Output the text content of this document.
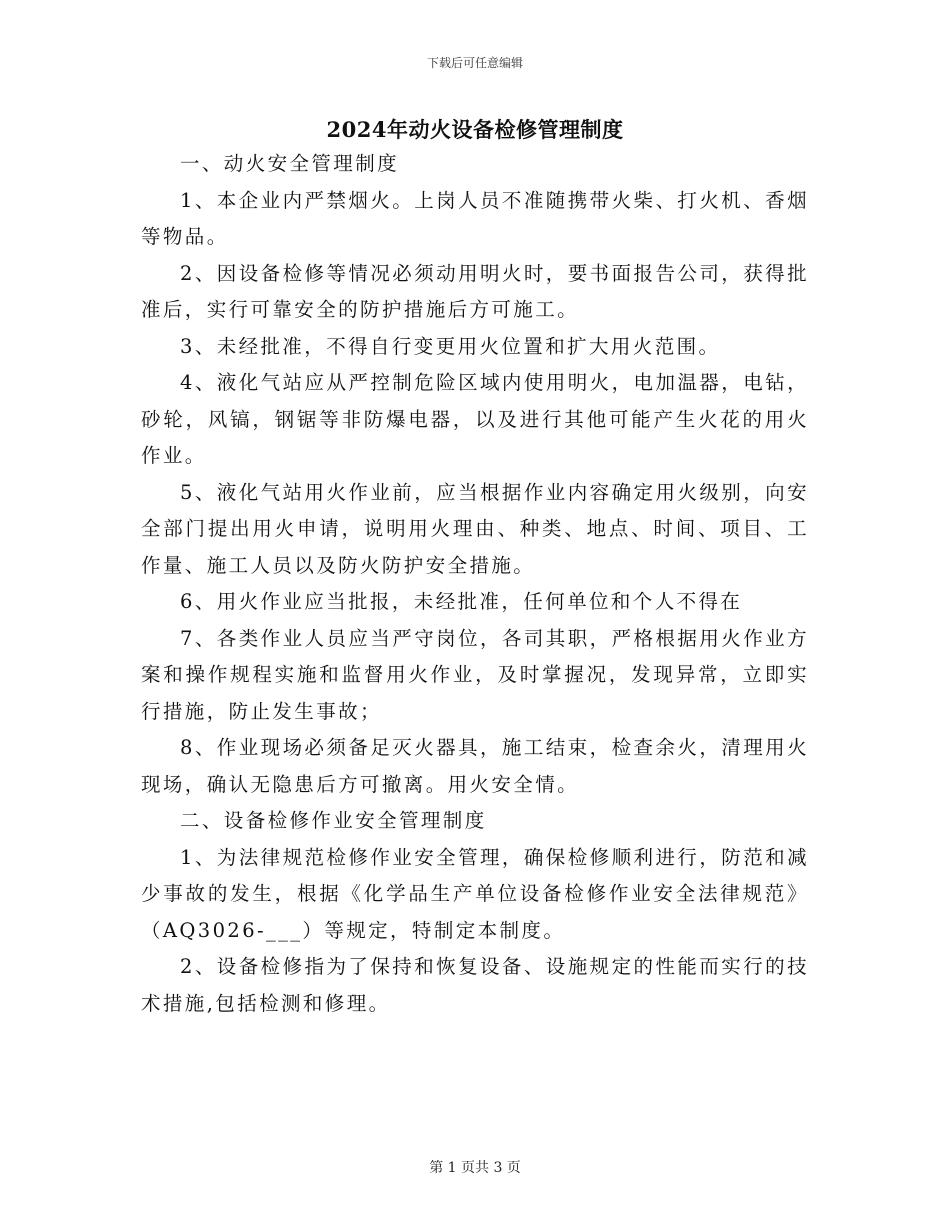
下载后可任意编辑
2024年动火设备检修管理制度

一、动火安全管理制度

1、本企业内严禁烟火。上岗人员不准随携带火柴、打火机、香烟等物品。

2、因设备检修等情况必须动用明火时，要书面报告公司，获得批准后，实行可靠安全的防护措施后方可施工。

3、未经批准，不得自行变更用火位置和扩大用火范围。

4、液化气站应从严控制危险区域内使用明火，电加温器，电钻，砂轮，风镐，钢锯等非防爆电器，以及进行其他可能产生火花的用火作业。

5、液化气站用火作业前，应当根据作业内容确定用火级别，向安全部门提出用火申请，说明用火理由、种类、地点、时间、项目、工作量、施工人员以及防火防护安全措施。

6、用火作业应当批报，未经批准，任何单位和个人不得在

7、各类作业人员应当严守岗位，各司其职，严格根据用火作业方案和操作规程实施和监督用火作业，及时掌握况，发现异常，立即实行措施，防止发生事故；

8、作业现场必须备足灭火器具，施工结束，检查余火，清理用火现场，确认无隐患后方可撤离。用火安全情。

二、设备检修作业安全管理制度

1、为法律规范检修作业安全管理，确保检修顺利进行，防范和减少事故的发生，根据《化学品生产单位设备检修作业安全法律规范》（AQ3026-___）等规定，特制定本制度。

2、设备检修指为了保持和恢复设备、设施规定的性能而实行的技术措施,包括检测和修理。

第 1 页共 3 页
